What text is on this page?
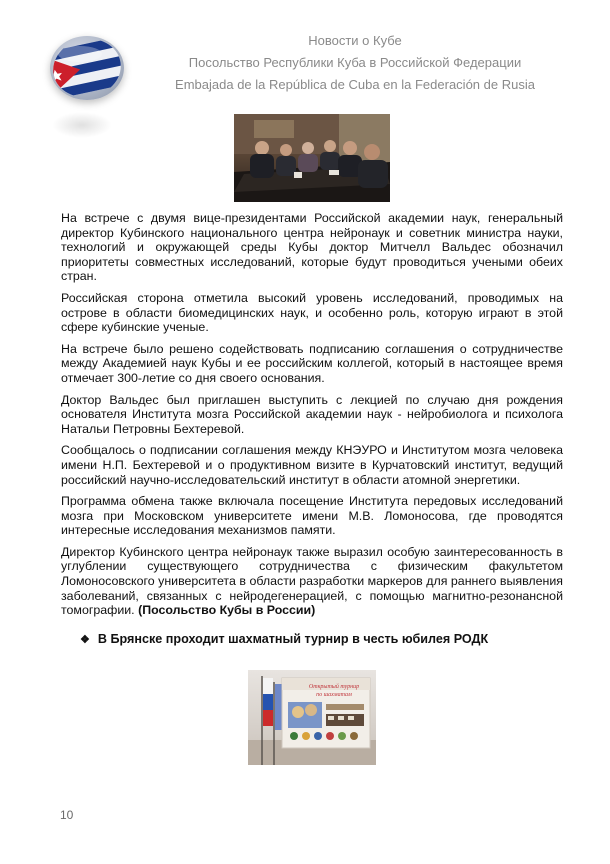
Новости о Кубе
Посольство Республики Куба в Российской Федерации
Embajada de la República de Cuba en la Federación de Rusia

На встрече с двумя вице-президентами Российской академии наук, генеральный директор Кубинского национального центра нейронаук и советник министра науки, технологий и окружающей среды Кубы доктор Митчелл Вальдес обозначил приоритеты совместных исследований, которые будут проводиться учеными обеих стран.

Российская сторона отметила высокий уровень исследований, проводимых на острове в области биомедицинских наук, и особенно роль, которую играют в этой сфере кубинские ученые.

На встрече было решено содействовать подписанию соглашения о сотрудничестве между Академией наук Кубы и ее российским коллегой, который в настоящее время отмечает 300-летие со дня своего основания.

Доктор Вальдес был приглашен выступить с лекцией по случаю дня рождения основателя Института мозга Российской академии наук - нейробиолога и психолога Натальи Петровны Бехтеревой.

Сообщалось о подписании соглашения между КНЭУРО и Институтом мозга человека имени Н.П. Бехтеревой и о продуктивном визите в Курчатовский институт, ведущий российский научно-исследовательский институт в области атомной энергетики.

Программа обмена также включала посещение Института передовых исследований мозга при Московском университете имени М.В. Ломоносова, где проводятся интересные исследования механизмов памяти.

Директор Кубинского центра нейронаук также выразил особую заинтересованность в углублении существующего сотрудничества с физическим факультетом Ломоносовского университета в области разработки маркеров для раннего выявления заболеваний, связанных с нейродегенерацией, с помощью магнитно-резонансной томографии. (Посольство Кубы в России)

❖ В Брянске проходит шахматный турнир в честь юбилея РОДК
Открытый турнир
по шахматам
10
